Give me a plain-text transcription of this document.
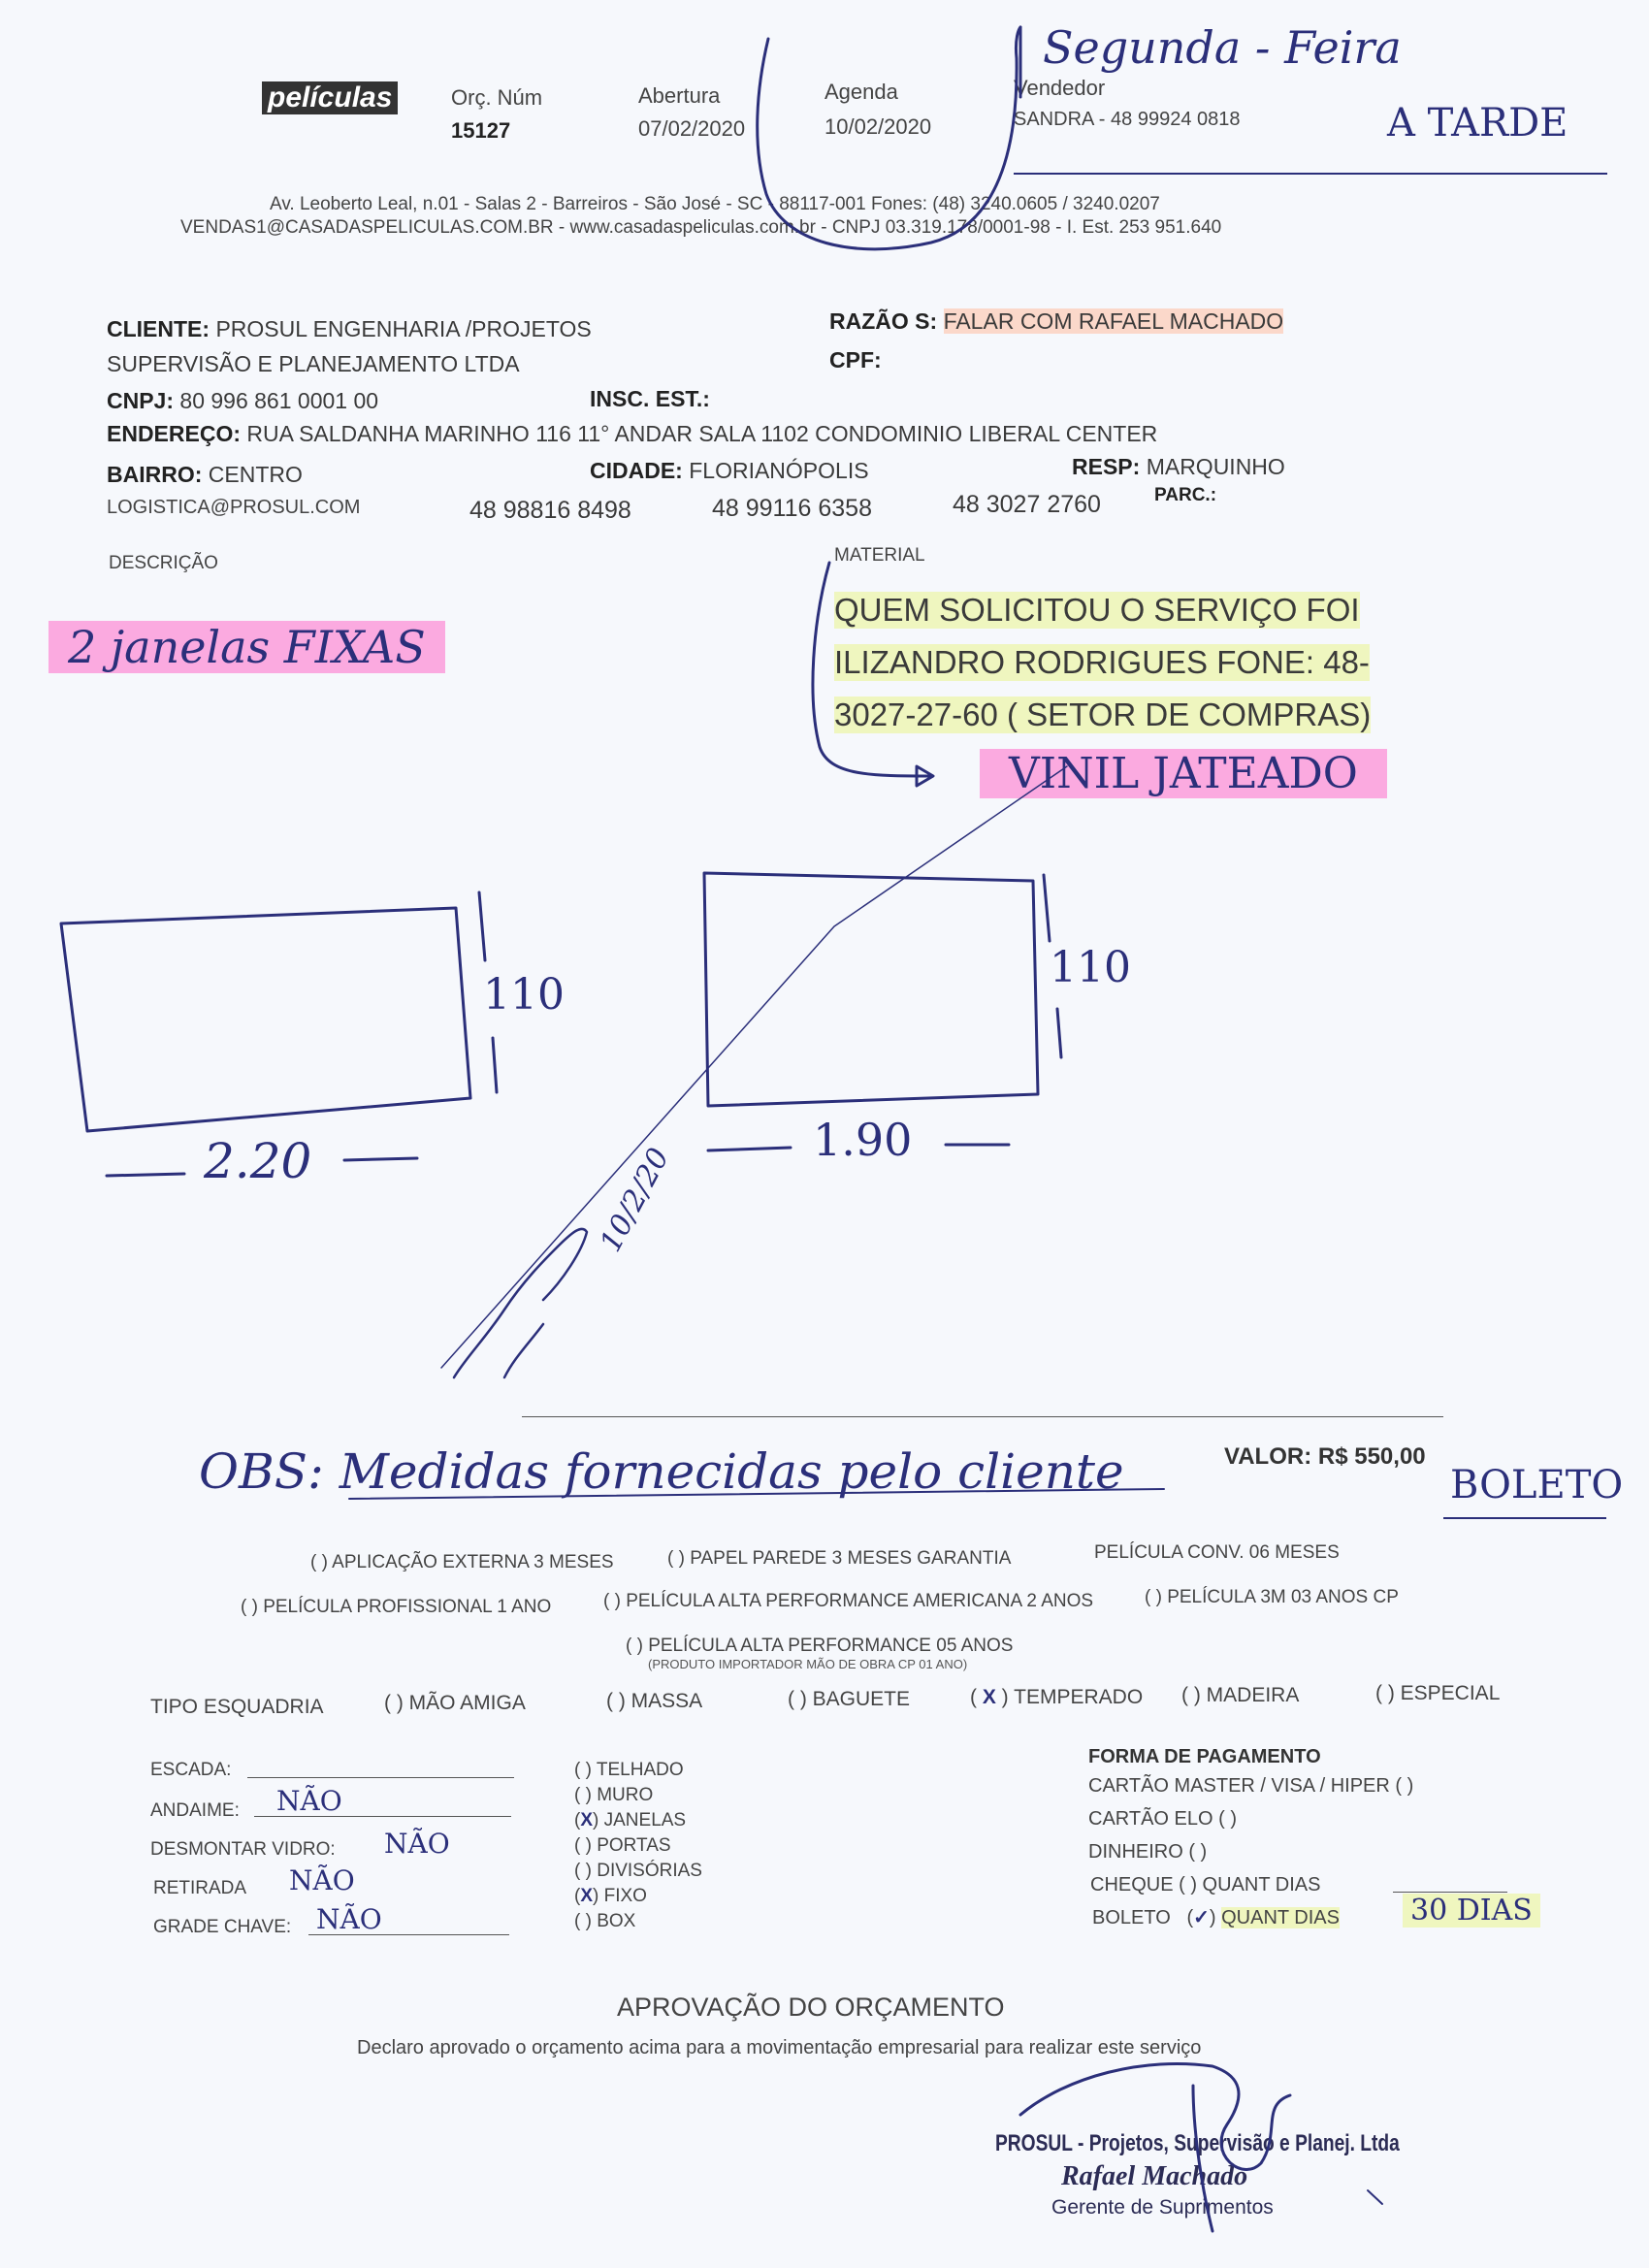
películas	Orç. Núm
15127
Abertura
07/02/2020
Agenda
10/02/2020
Vendedor
SANDRA - 48 99924 0818
Segunda - Feira
A TARDE
Av. Leoberto Leal, n.01 - Salas 2 - Barreiros - São José - SC - 88117-001 Fones: (48) 3240.0605 / 3240.0207
VENDAS1@CASADASPELICULAS.COM.BR - www.casadaspeliculas.com.br - CNPJ 03.319.178/0001-98 - I. Est. 253 951.640
CLIENTE: PROSUL ENGENHARIA /PROJETOS
SUPERVISÃO E PLANEJAMENTO LTDA
RAZÃO S: FALAR COM RAFAEL MACHADO
CPF:
CNPJ: 80 996 861 0001 00	INSC. EST.:
ENDEREÇO: RUA SALDANHA MARINHO 116 11° ANDAR SALA 1102 CONDOMINIO LIBERAL CENTER
BAIRRO: CENTRO	CIDADE: FLORIANÓPOLIS	RESP: MARQUINHO
LOGISTICA@PROSUL.COM	48 98816 8498	48 99116 6358	48 3027 2760	PARC.:
DESCRIÇÃO	MATERIAL
2 janelas FIXAS
QUEM SOLICITOU O SERVIÇO FOI
ILIZANDRO RODRIGUES FONE: 48-
3027-27-60 ( SETOR DE COMPRAS)
VINIL JATEADO
110
2.20
110
1.90
10/2/20
OBS: Medidas fornecidas pelo cliente	VALOR: R$ 550,00
BOLETO
( ) APLICAÇÃO EXTERNA 3 MESES	( ) PAPEL PAREDE 3 MESES GARANTIA	PELÍCULA CONV. 06 MESES
( ) PELÍCULA PROFISSIONAL 1 ANO	( ) PELÍCULA ALTA PERFORMANCE AMERICANA 2 ANOS	( ) PELÍCULA 3M 03 ANOS CP
( ) PELÍCULA ALTA PERFORMANCE 05 ANOS
(PRODUTO IMPORTADOR MÃO DE OBRA CP 01 ANO)
TIPO ESQUADRIA	( ) MÃO AMIGA	( ) MASSA	( ) BAGUETE	( X ) TEMPERADO ( ) MADEIRA	( ) ESPECIAL
ESCADA:
ANDAIME: NÃO
DESMONTAR VIDRO: NÃO
RETIRADA NÃO
GRADE CHAVE: NÃO
( ) TELHADO
( ) MURO
(X) JANELAS
( ) PORTAS
( ) DIVISÓRIAS
(X) FIXO
( ) BOX
FORMA DE PAGAMENTO
CARTÃO MASTER / VISA / HIPER ( )
CARTÃO ELO ( )
DINHEIRO ( )
CHEQUE ( ) QUANT DIAS
BOLETO   (✓) QUANT DIAS 30 DIAS
APROVAÇÃO DO ORÇAMENTO
Declaro aprovado o orçamento acima para a movimentação empresarial para realizar este serviço
PROSUL - Projetos, Supervisão e Planej. Ltda
Rafael Machado
Gerente de Suprimentos
